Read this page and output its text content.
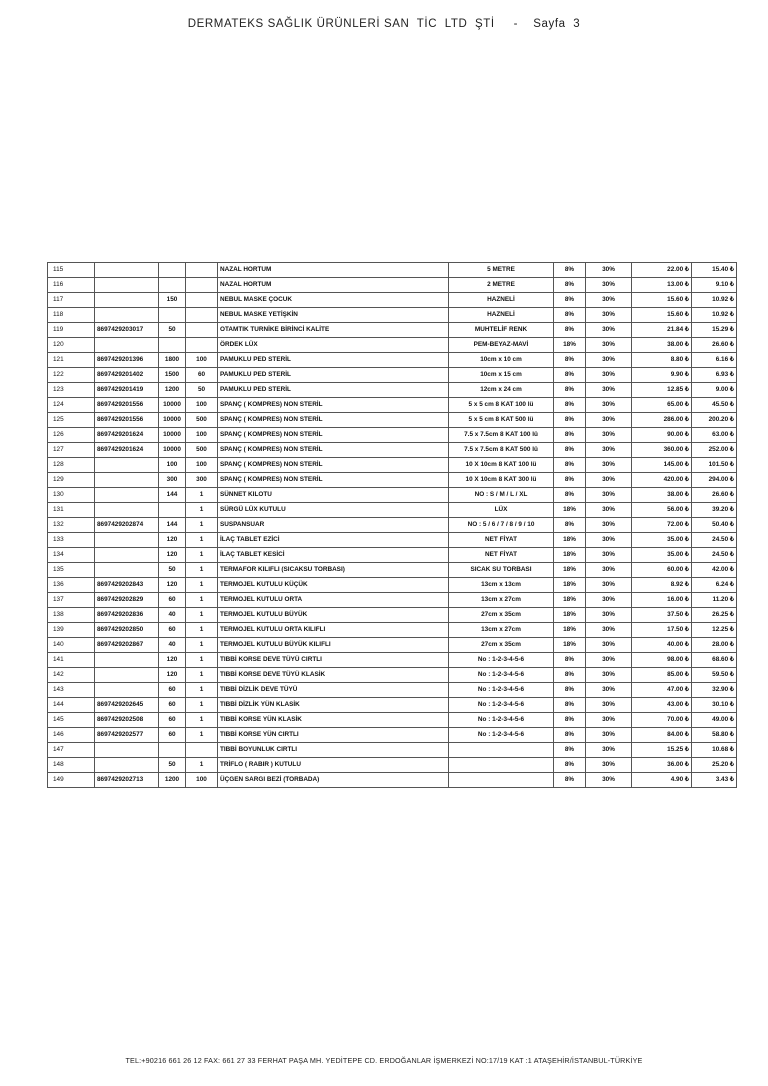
DERMATEKS SAĞLIK ÜRÜNLERİ SAN  TİC  LTD  ŞTİ - Sayfa  3
115				NAZAL HORTUM	5 METRE	8%	30%	22.00 ₺	15.40 ₺
116				NAZAL HORTUM	2 METRE	8%	30%	13.00 ₺	9.10 ₺
117		150		NEBUL MASKE ÇOCUK	HAZNELİ	8%	30%	15.60 ₺	10.92 ₺
118				NEBUL MASKE YETİŞKİN	HAZNELİ	8%	30%	15.60 ₺	10.92 ₺
119	8697429203017	50		OTAMTIK TURNİKE BİRİNCİ KALİTE	MUHTELİF RENK	8%	30%	21.84 ₺	15.29 ₺
120				ÖRDEK LÜX	PEM-BEYAZ-MAVİ	18%	30%	38.00 ₺	26.60 ₺
121	8697429201396	1800	100	PAMUKLU PED STERİL	10cm x 10 cm	8%	30%	8.80 ₺	6.16 ₺
122	8697429201402	1500	60	PAMUKLU PED STERİL	10cm x 15 cm	8%	30%	9.90 ₺	6.93 ₺
123	8697429201419	1200	50	PAMUKLU PED STERİL	12cm x 24 cm	8%	30%	12.85 ₺	9.00 ₺
124	8697429201556	10000	100	SPANÇ ( KOMPRES) NON STERİL	5 x 5 cm 8 KAT 100 lü	8%	30%	65.00 ₺	45.50 ₺
125	8697429201556	10000	500	SPANÇ ( KOMPRES) NON STERİL	5 x 5 cm 8 KAT 500 lü	8%	30%	286.00 ₺	200.20 ₺
126	8697429201624	10000	100	SPANÇ ( KOMPRES) NON STERİL	7.5 x 7.5cm 8 KAT 100 lü	8%	30%	90.00 ₺	63.00 ₺
127	8697429201624	10000	500	SPANÇ ( KOMPRES) NON STERİL	7.5 x 7.5cm 8 KAT 500 lü	8%	30%	360.00 ₺	252.00 ₺
128		100	100	SPANÇ ( KOMPRES) NON STERİL	10 X 10cm 8 KAT 100 lü	8%	30%	145.00 ₺	101.50 ₺
129		300	300	SPANÇ ( KOMPRES) NON STERİL	10 X 10cm 8 KAT 300 lü	8%	30%	420.00 ₺	294.00 ₺
130		144	1	SÜNNET KILOTU	NO : S / M / L / XL	8%	30%	38.00 ₺	26.60 ₺
131			1	SÜRGÜ LÜX KUTULU	LÜX	18%	30%	56.00 ₺	39.20 ₺
132	8697429202874	144	1	SUSPANSUAR	NO : 5 / 6 / 7 / 8 / 9 / 10	8%	30%	72.00 ₺	50.40 ₺
133		120	1	İLAÇ TABLET EZİCİ	NET FİYAT	18%	30%	35.00 ₺	24.50 ₺
134		120	1	İLAÇ TABLET KESİCİ	NET FİYAT	18%	30%	35.00 ₺	24.50 ₺
135		50	1	TERMAFOR KILIFLI (SICAKSU TORBASI)	SICAK SU TORBASI	18%	30%	60.00 ₺	42.00 ₺
136	8697429202843	120	1	TERMOJEL KUTULU KÜÇÜK	13cm x 13cm	18%	30%	8.92 ₺	6.24 ₺
137	8697429202829	60	1	TERMOJEL KUTULU ORTA	13cm x 27cm	18%	30%	16.00 ₺	11.20 ₺
138	8697429202836	40	1	TERMOJEL KUTULU BÜYÜK	27cm x 35cm	18%	30%	37.50 ₺	26.25 ₺
139	8697429202850	60	1	TERMOJEL KUTULU ORTA KILIFLI	13cm x 27cm	18%	30%	17.50 ₺	12.25 ₺
140	8697429202867	40	1	TERMOJEL KUTULU BÜYÜK KILIFLI	27cm x 35cm	18%	30%	40.00 ₺	28.00 ₺
141		120	1	TIBBİ KORSE DEVE TÜYÜ CIRTLI	No : 1-2-3-4-5-6	8%	30%	98.00 ₺	68.60 ₺
142		120	1	TIBBİ KORSE DEVE TÜYÜ KLASİK	No : 1-2-3-4-5-6	8%	30%	85.00 ₺	59.50 ₺
143		60	1	TIBBİ DİZLİK DEVE TÜYÜ	No : 1-2-3-4-5-6	8%	30%	47.00 ₺	32.90 ₺
144	8697429202645	60	1	TIBBİ DİZLİK YÜN KLASİK	No : 1-2-3-4-5-6	8%	30%	43.00 ₺	30.10 ₺
145	8697429202508	60	1	TIBBİ KORSE YÜN KLASİK	No : 1-2-3-4-5-6	8%	30%	70.00 ₺	49.00 ₺
146	8697429202577	60	1	TIBBİ KORSE YÜN CIRTLI	No : 1-2-3-4-5-6	8%	30%	84.00 ₺	58.80 ₺
147				TIBBİ BOYUNLUK CIRTLI		8%	30%	15.25 ₺	10.68 ₺
148		50	1	TRİFLO ( RABIR ) KUTULU		8%	30%	36.00 ₺	25.20 ₺
149	8697429202713	1200	100	ÜÇGEN SARGI BEZİ (TORBADA)		8%	30%	4.90 ₺	3.43 ₺
TEL:+90216 661 26 12 FAX: 661 27 33 FERHAT PAŞA MH. YEDİTEPE CD. ERDOĞANLAR İŞMERKEZİ NO:17/19 KAT :1 ATAŞEHİR/İSTANBUL-TÜRKİYE
